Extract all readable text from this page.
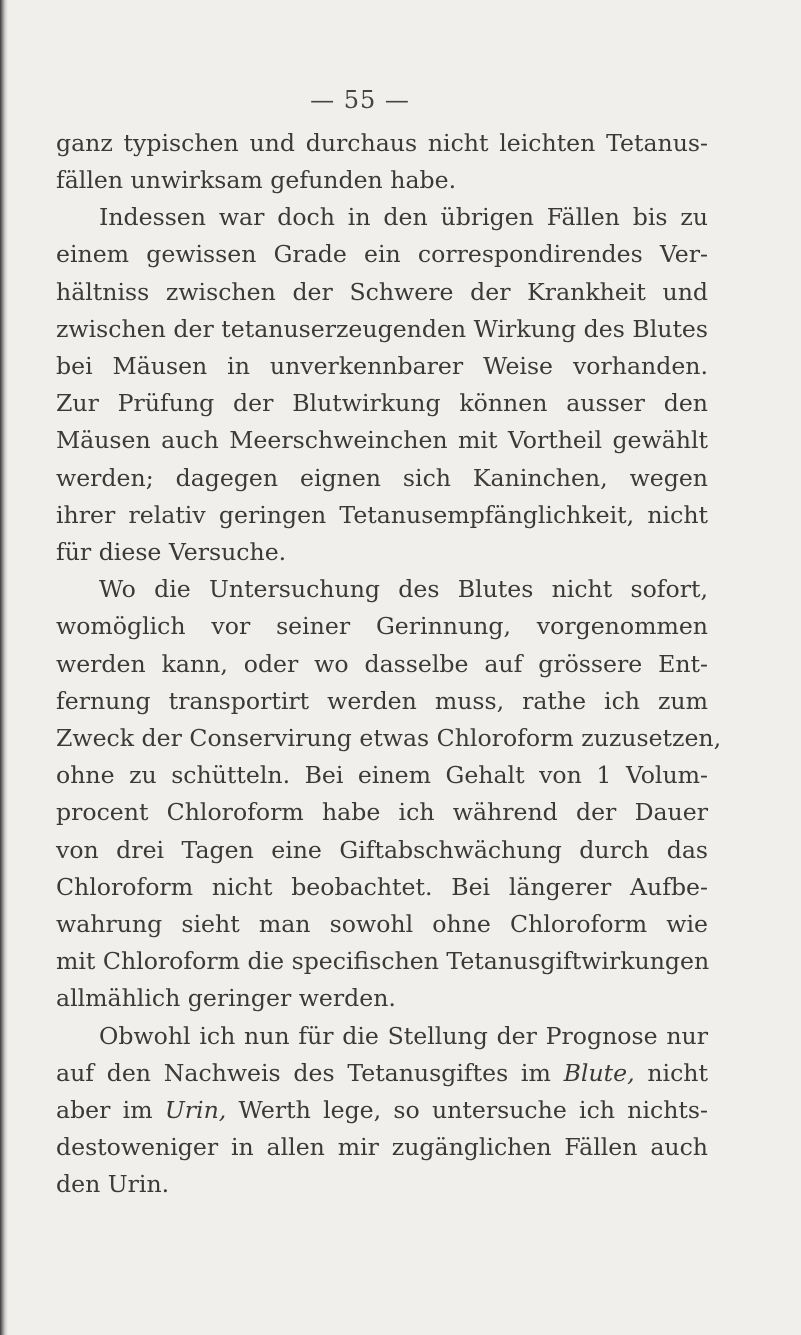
— 55 —
ganz typischen und durchaus nicht leichten Tetanus-
fällen unwirksam gefunden habe.
Indessen war doch in den übrigen Fällen bis zu
einem gewissen Grade ein correspondirendes Ver-
hältniss zwischen der Schwere der Krankheit und
zwischen der tetanuserzeugenden Wirkung des Blutes
bei Mäusen in unverkennbarer Weise vorhanden.
Zur Prüfung der Blutwirkung können ausser den
Mäusen auch Meerschweinchen mit Vortheil gewählt
werden; dagegen eignen sich Kaninchen, wegen
ihrer relativ geringen Tetanusempfänglichkeit, nicht
für diese Versuche.
Wo die Untersuchung des Blutes nicht sofort,
womöglich vor seiner Gerinnung, vorgenommen
werden kann, oder wo dasselbe auf grössere Ent-
fernung transportirt werden muss, rathe ich zum
Zweck der Conservirung etwas Chloroform zuzusetzen,
ohne zu schütteln. Bei einem Gehalt von 1 Volum-
procent Chloroform habe ich während der Dauer
von drei Tagen eine Giftabschwächung durch das
Chloroform nicht beobachtet. Bei längerer Aufbe-
wahrung sieht man sowohl ohne Chloroform wie
mit Chloroform die specifischen Tetanusgiftwirkungen
allmählich geringer werden.
Obwohl ich nun für die Stellung der Prognose nur
auf den Nachweis des Tetanusgiftes im Blute, nicht
aber im Urin, Werth lege, so untersuche ich nichts-
destoweniger in allen mir zugänglichen Fällen auch
den Urin.
